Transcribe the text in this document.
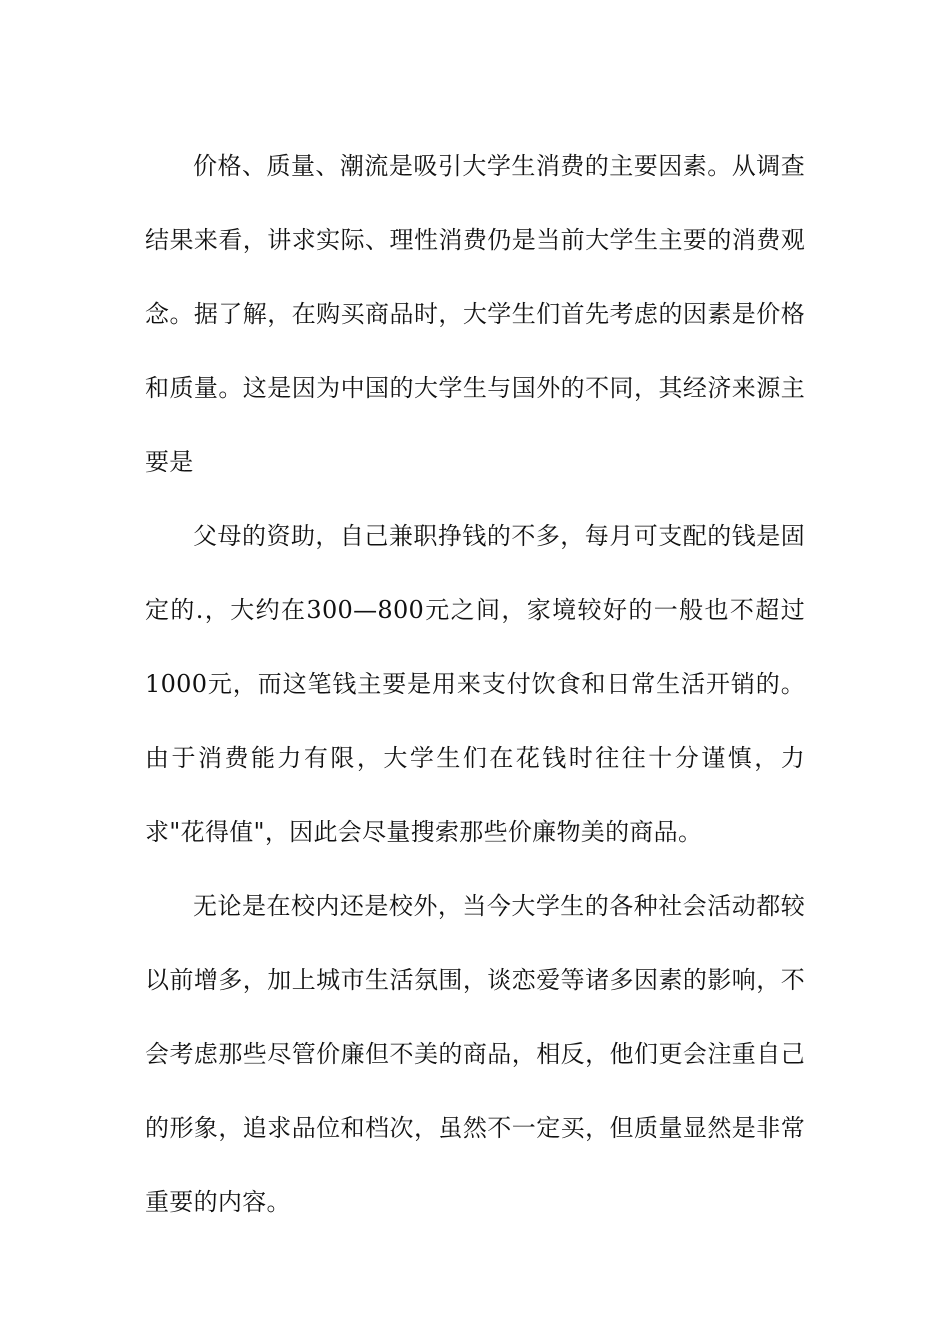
价格、质量、潮流是吸引大学生消费的主要因素。从调查结果来看，讲求实际、理性消费仍是当前大学生主要的消费观念。据了解，在购买商品时，大学生们首先考虑的因素是价格和质量。这是因为中国的大学生与国外的不同，其经济来源主要是

父母的资助，自己兼职挣钱的不多，每月可支配的钱是固定的.，大约在300—800元之间，家境较好的一般也不超过1000元，而这笔钱主要是用来支付饮食和日常生活开销的。由于消费能力有限，大学生们在花钱时往往十分谨慎，力求"花得值"，因此会尽量搜索那些价廉物美的商品。

无论是在校内还是校外，当今大学生的各种社会活动都较以前增多，加上城市生活氛围，谈恋爱等诸多因素的影响，不会考虑那些尽管价廉但不美的商品，相反，他们更会注重自己的形象，追求品位和档次，虽然不一定买，但质量显然是非常重要的内容。
